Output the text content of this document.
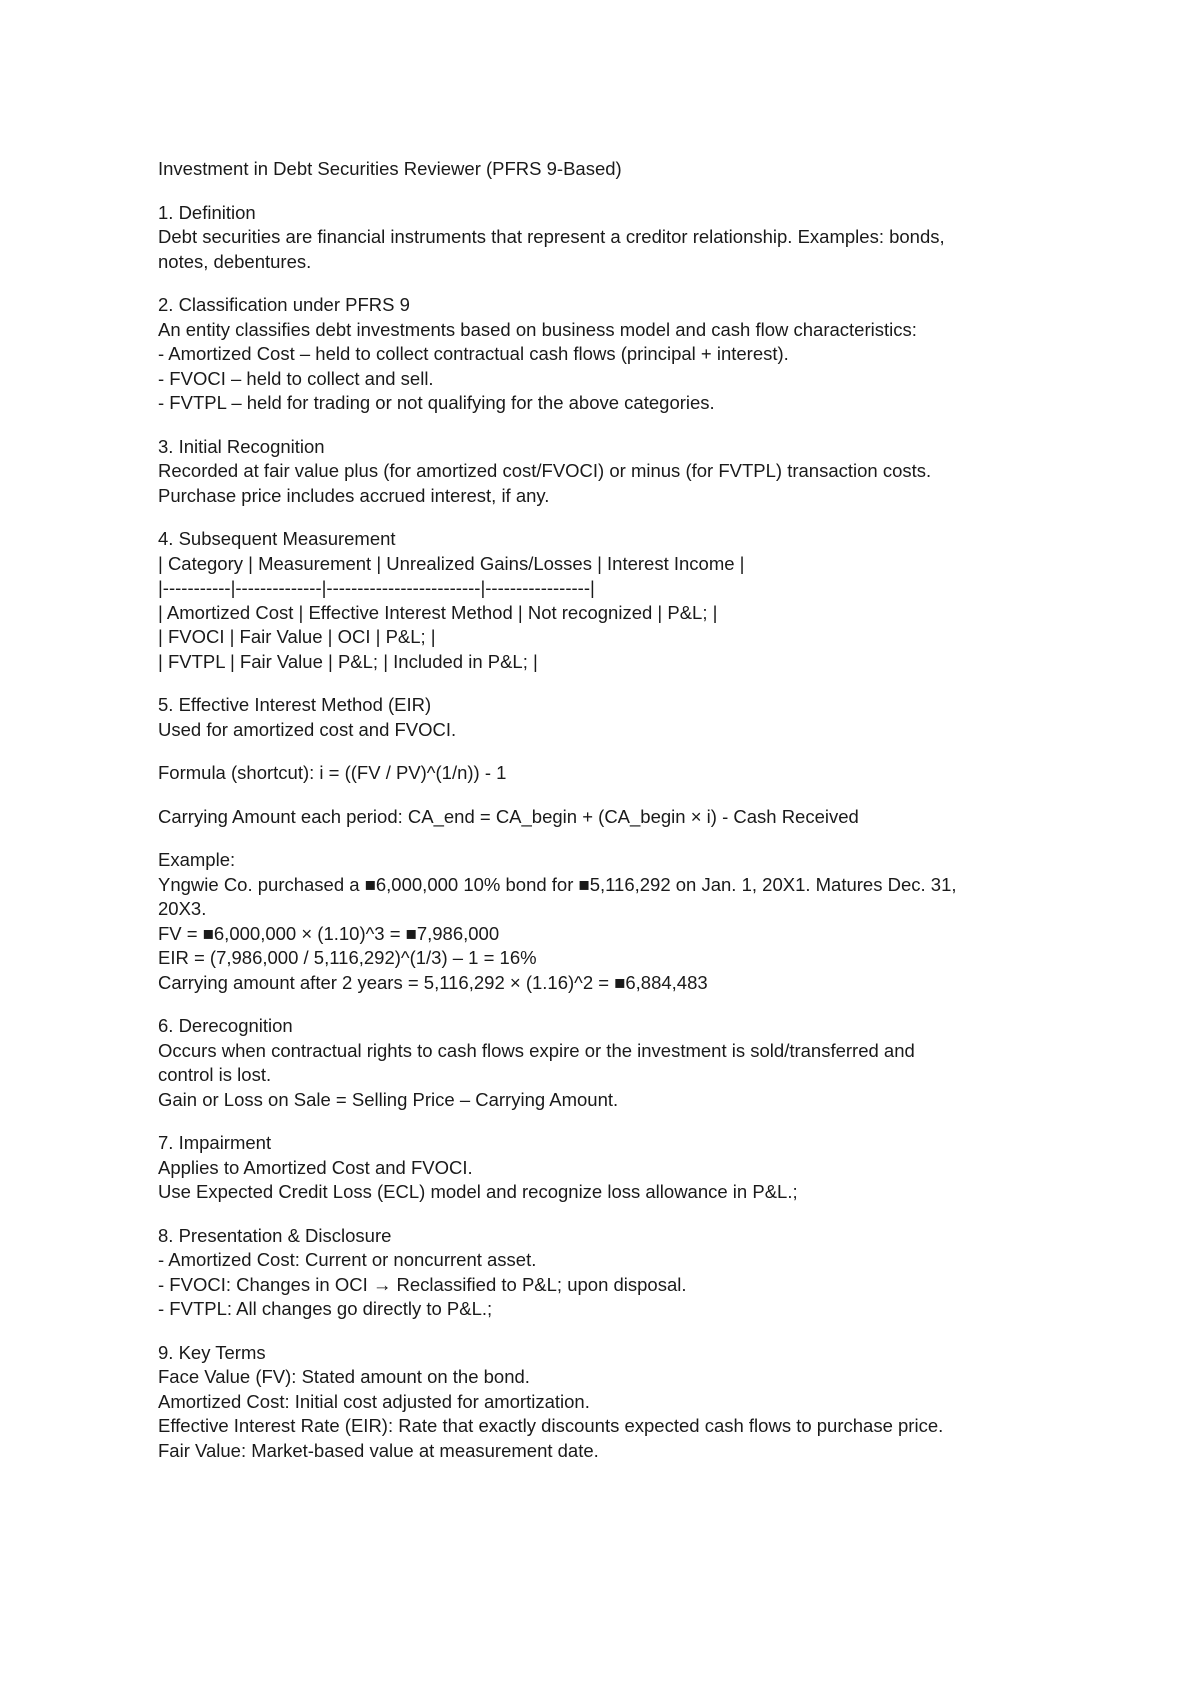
Investment in Debt Securities Reviewer (PFRS 9-Based)
1. Definition
Debt securities are financial instruments that represent a creditor relationship. Examples: bonds,
notes, debentures.
2. Classification under PFRS 9
An entity classifies debt investments based on business model and cash flow characteristics:
- Amortized Cost – held to collect contractual cash flows (principal + interest).
- FVOCI – held to collect and sell.
- FVTPL – held for trading or not qualifying for the above categories.
3. Initial Recognition
Recorded at fair value plus (for amortized cost/FVOCI) or minus (for FVTPL) transaction costs.
Purchase price includes accrued interest, if any.
4. Subsequent Measurement
| Category | Measurement | Unrealized Gains/Losses | Interest Income |
|-----------|--------------|-------------------------|-----------------|
| Amortized Cost | Effective Interest Method | Not recognized | P&L; |
| FVOCI | Fair Value | OCI | P&L; |
| FVTPL | Fair Value | P&L; | Included in P&L; |
5. Effective Interest Method (EIR)
Used for amortized cost and FVOCI.
Formula (shortcut): i = ((FV / PV)^(1/n)) - 1
Carrying Amount each period: CA_end = CA_begin + (CA_begin × i) - Cash Received
Example:
Yngwie Co. purchased a ■6,000,000 10% bond for ■5,116,292 on Jan. 1, 20X1. Matures Dec. 31,
20X3.
FV = ■6,000,000 × (1.10)^3 = ■7,986,000
EIR = (7,986,000 / 5,116,292)^(1/3) – 1 = 16%
Carrying amount after 2 years = 5,116,292 × (1.16)^2 = ■6,884,483
6. Derecognition
Occurs when contractual rights to cash flows expire or the investment is sold/transferred and
control is lost.
Gain or Loss on Sale = Selling Price – Carrying Amount.
7. Impairment
Applies to Amortized Cost and FVOCI.
Use Expected Credit Loss (ECL) model and recognize loss allowance in P&L.;
8. Presentation & Disclosure
- Amortized Cost: Current or noncurrent asset.
- FVOCI: Changes in OCI → Reclassified to P&L; upon disposal.
- FVTPL: All changes go directly to P&L.;
9. Key Terms
Face Value (FV): Stated amount on the bond.
Amortized Cost: Initial cost adjusted for amortization.
Effective Interest Rate (EIR): Rate that exactly discounts expected cash flows to purchase price.
Fair Value: Market-based value at measurement date.
